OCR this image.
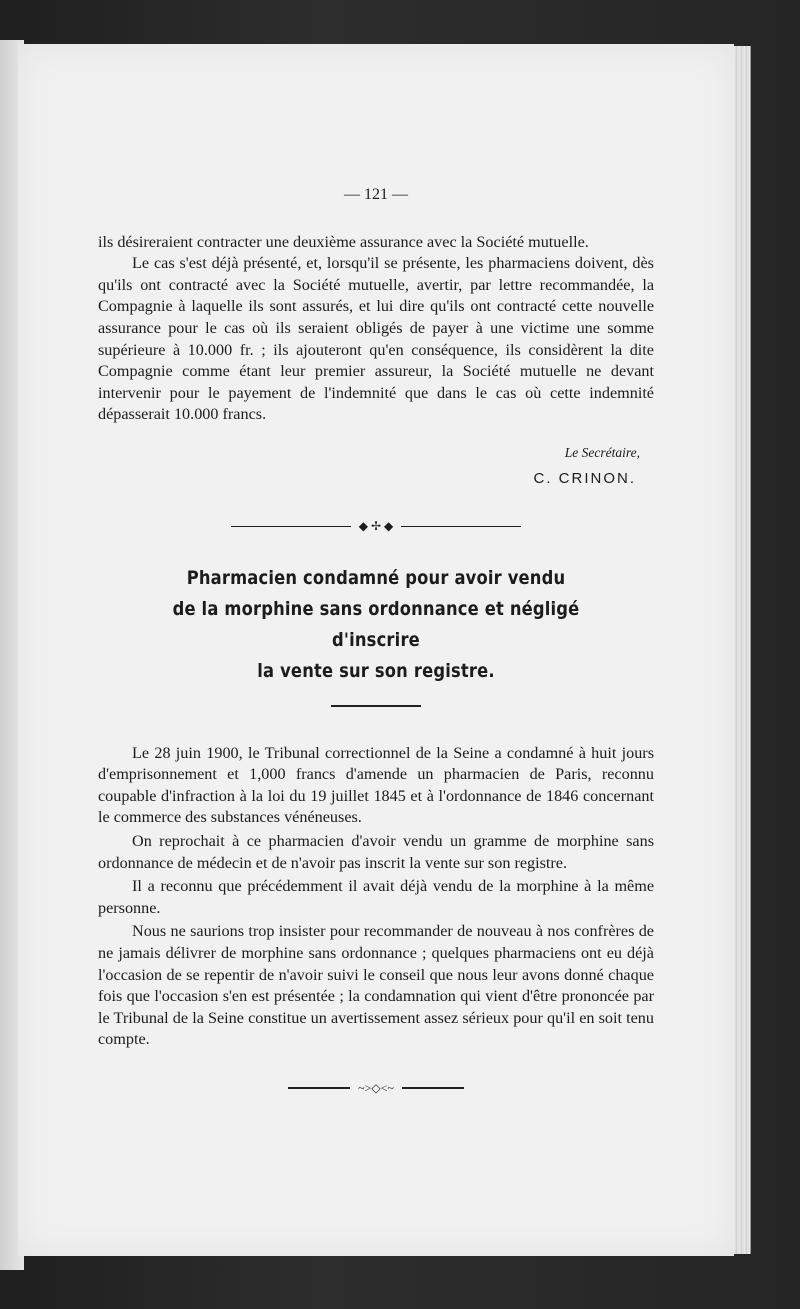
— 121 —

ils désireraient contracter une deuxième assurance avec la Société mutuelle.

Le cas s'est déjà présenté, et, lorsqu'il se présente, les pharmaciens doivent, dès qu'ils ont contracté avec la Société mutuelle, avertir, par lettre recommandée, la Compagnie à laquelle ils sont assurés, et lui dire qu'ils ont contracté cette nouvelle assurance pour le cas où ils seraient obligés de payer à une victime une somme supérieure à 10.000 fr. ; ils ajouteront qu'en conséquence, ils considèrent la dite Compagnie comme étant leur premier assureur, la Société mutuelle ne devant intervenir pour le payement de l'indemnité que dans le cas où cette indemnité dépasserait 10.000 francs.

Le Secrétaire,
C. CRINON.
◆ ✢ ◆
Pharmacien condamné pour avoir vendu
de la morphine sans ordonnance et négligé d'inscrire
la vente sur son registre.

Le 28 juin 1900, le Tribunal correctionnel de la Seine a condamné à huit jours d'emprisonnement et 1,000 francs d'amende un pharmacien de Paris, reconnu coupable d'infraction à la loi du 19 juillet 1845 et à l'ordonnance de 1846 concernant le commerce des substances vénéneuses.

On reprochait à ce pharmacien d'avoir vendu un gramme de morphine sans ordonnance de médecin et de n'avoir pas inscrit la vente sur son registre.

Il a reconnu que précédemment il avait déjà vendu de la morphine à la même personne.

Nous ne saurions trop insister pour recommander de nouveau à nos confrères de ne jamais délivrer de morphine sans ordonnance ; quelques pharmaciens ont eu déjà l'occasion de se repentir de n'avoir suivi le conseil que nous leur avons donné chaque fois que l'occasion s'en est présentée ; la condamnation qui vient d'être prononcée par le Tribunal de la Seine constitue un avertissement assez sérieux pour qu'il en soit tenu compte.

~>◇<~
